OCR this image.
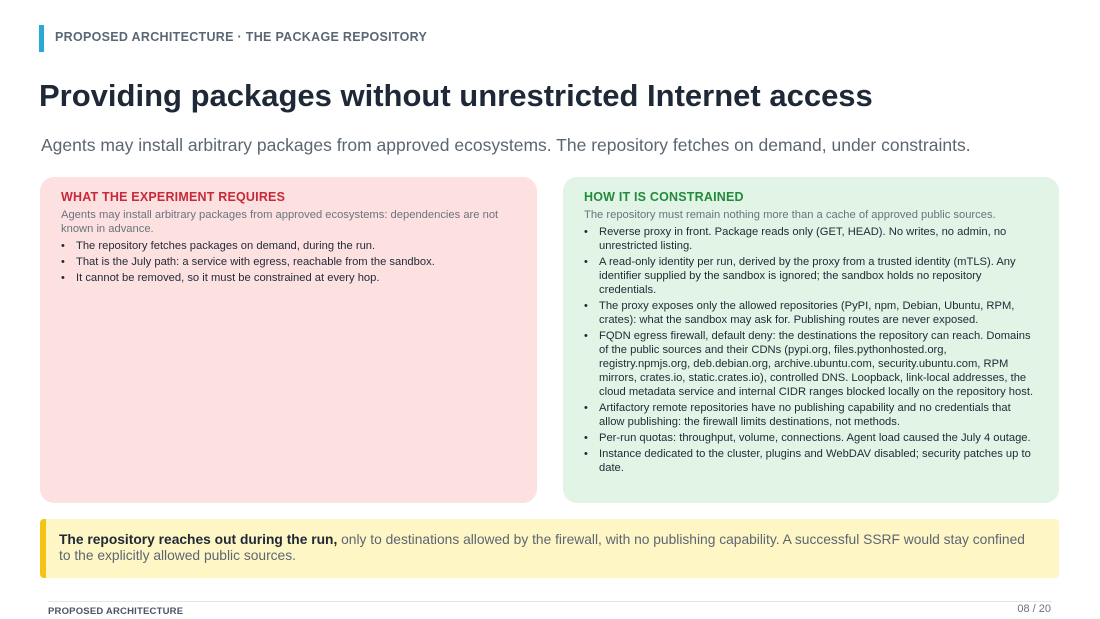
PROPOSED ARCHITECTURE · THE PACKAGE REPOSITORY
Providing packages without unrestricted Internet access

Agents may install arbitrary packages from approved ecosystems. The repository fetches on demand, under constraints.

WHAT THE EXPERIMENT REQUIRES
Agents may install arbitrary packages from approved ecosystems: dependencies are not known in advance.
• The repository fetches packages on demand, during the run.
• That is the July path: a service with egress, reachable from the sandbox.
• It cannot be removed, so it must be constrained at every hop.
HOW IT IS CONSTRAINED
The repository must remain nothing more than a cache of approved public sources.
• Reverse proxy in front. Package reads only (GET, HEAD). No writes, no admin, no unrestricted listing.
• A read-only identity per run, derived by the proxy from a trusted identity (mTLS). Any identifier supplied by the sandbox is ignored; the sandbox holds no repository credentials.
• The proxy exposes only the allowed repositories (PyPI, npm, Debian, Ubuntu, RPM, crates): what the sandbox may ask for. Publishing routes are never exposed.
• FQDN egress firewall, default deny: the destinations the repository can reach. Domains of the public sources and their CDNs (pypi.org, files.pythonhosted.org, registry.npmjs.org, deb.debian.org, archive.ubuntu.com, security.ubuntu.com, RPM mirrors, crates.io, static.crates.io), controlled DNS. Loopback, link-local addresses, the cloud metadata service and internal CIDR ranges blocked locally on the repository host.
• Artifactory remote repositories have no publishing capability and no credentials that allow publishing: the firewall limits destinations, not methods.
• Per-run quotas: throughput, volume, connections. Agent load caused the July 4 outage.
• Instance dedicated to the cluster, plugins and WebDAV disabled; security patches up to date.
The repository reaches out during the run, only to destinations allowed by the firewall, with no publishing capability. A successful SSRF would stay confined to the explicitly allowed public sources.
PROPOSED ARCHITECTURE	08 / 20
